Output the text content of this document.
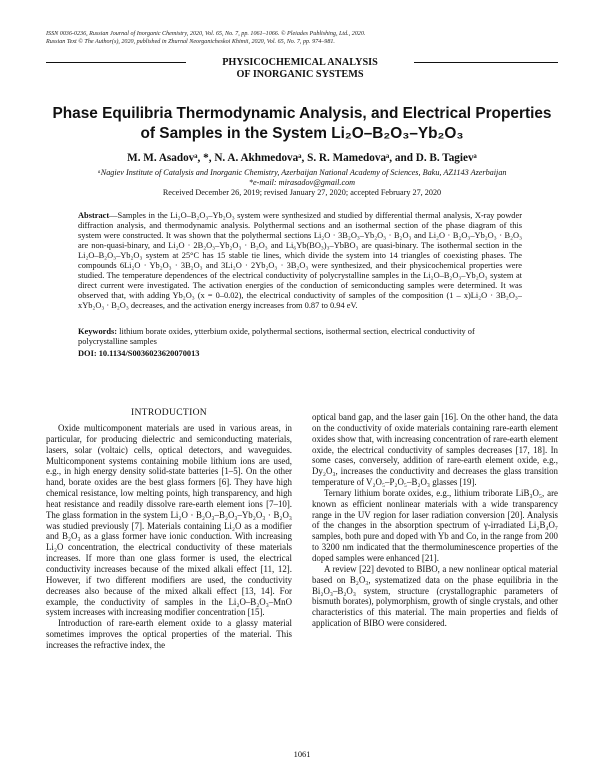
ISSN 0036-0236, Russian Journal of Inorganic Chemistry, 2020, Vol. 65, No. 7, pp. 1061–1066. © Pleiades Publishing, Ltd., 2020.
Russian Text © The Author(s), 2020, published in Zhurnal Neorganicheskoi Khimii, 2020, Vol. 65, No. 7, pp. 974–981.
PHYSICOCHEMICAL ANALYSIS
OF INORGANIC SYSTEMS
Phase Equilibria Thermodynamic Analysis, and Electrical Properties
of Samples in the System Li₂O–B₂O₃–Yb₂O₃
M. M. Asadovᵃ, *, N. A. Akhmedovaᵃ, S. R. Mamedovaᵃ, and D. B. Tagievᵃ
ᵃNagiev Institute of Catalysis and Inorganic Chemistry, Azerbaijan National Academy of Sciences, Baku, AZ1143 Azerbaijan
*e-mail: mirasadov@gmail.com
Received December 26, 2019; revised January 27, 2020; accepted February 27, 2020
Abstract—Samples in the Li₂O–B₂O₃–Yb₂O₃ system were synthesized and studied by differential thermal analysis, X-ray powder diffraction analysis, and thermodynamic analysis. Polythermal sections and an isothermal section of the phase diagram of this system were constructed. It was shown that the polythermal sections Li₂O · 3B₂O₃–Yb₂O₃ · B₂O₃ and Li₂O · B₂O₃–Yb₂O₃ · B₂O₃ are non-quasi-binary, and Li₂O · 2B₂O₃–Yb₂O₃ · B₂O₃ and Li₆Yb(BO₃)₃–YbBO₃ are quasi-binary. The isothermal section in the Li₂O–B₂O₃–Yb₂O₃ system at 25°C has 15 stable tie lines, which divide the system into 14 triangles of coexisting phases. The compounds 6Li₂O · Yb₂O₃ · 3B₂O₃ and 3Li₂O · 2Yb₂O₃ · 3B₂O₃ were synthesized, and their physicochemical properties were studied. The temperature dependences of the electrical conductivity of polycrystalline samples in the Li₂O–B₂O₃–Yb₂O₃ system at direct current were investigated. The activation energies of the conduction of semiconducting samples were determined. It was observed that, with adding Yb₂O₃ (x = 0–0.02), the electrical conductivity of samples of the composition (1 – x)Li₂O · 3B₂O₃–xYb₂O₃ · B₂O₃ decreases, and the activation energy increases from 0.87 to 0.94 eV.
Keywords: lithium borate oxides, ytterbium oxide, polythermal sections, isothermal section, electrical conductivity of polycrystalline samples
DOI: 10.1134/S0036023620070013
INTRODUCTION

Oxide multicomponent materials are used in various areas, in particular, for producing dielectric and semiconducting materials, lasers, solar (voltaic) cells, optical detectors, and waveguides. Multicomponent systems containing mobile lithium ions are used, e.g., in high energy density solid-state batteries [1–5]. On the other hand, borate oxides are the best glass formers [6]. They have high chemical resistance, low melting points, high transparency, and high heat resistance and readily dissolve rare-earth element ions [7–10]. The glass formation in the system Li₂O · B₂O₃–B₂O₃–Yb₂O₃ · B₂O₃ was studied previously [7]. Materials containing Li₂O as a modifier and B₂O₃ as a glass former have ionic conduction. With increasing Li₂O concentration, the electrical conductivity of these materials increases. If more than one glass former is used, the electrical conductivity increases because of the mixed alkali effect [11, 12]. However, if two different modifiers are used, the conductivity decreases also because of the mixed alkali effect [13, 14]. For example, the conductivity of samples in the Li₂O–B₂O₃–MnO system increases with increasing modifier concentration [15].

Introduction of rare-earth element oxide to a glassy material sometimes improves the optical properties of the material. This increases the refractive index, the

optical band gap, and the laser gain [16]. On the other hand, the data on the conductivity of oxide materials containing rare-earth element oxides show that, with increasing concentration of rare-earth element oxide, the electrical conductivity of samples decreases [17, 18]. In some cases, conversely, addition of rare-earth element oxide, e.g., Dy₂O₃, increases the conductivity and decreases the glass transition temperature of V₂O₅–P₂O₅–B₂O₃ glasses [19].

Ternary lithium borate oxides, e.g., lithium triborate LiB₃O₅, are known as efficient nonlinear materials with a wide transparency range in the UV region for laser radiation conversion [20]. Analysis of the changes in the absorption spectrum of γ-irradiated Li₂B₄O₇ samples, both pure and doped with Yb and Co, in the range from 200 to 3200 nm indicated that the thermoluminescence properties of the doped samples were enhanced [21].

A review [22] devoted to BIBO, a new nonlinear optical material based on B₂O₃, systematized data on the phase equilibria in the Bi₂O₃–B₂O₃ system, structure (crystallographic parameters of bismuth borates), polymorphism, growth of single crystals, and other characteristics of this material. The main properties and fields of application of BIBO were considered.

1061
